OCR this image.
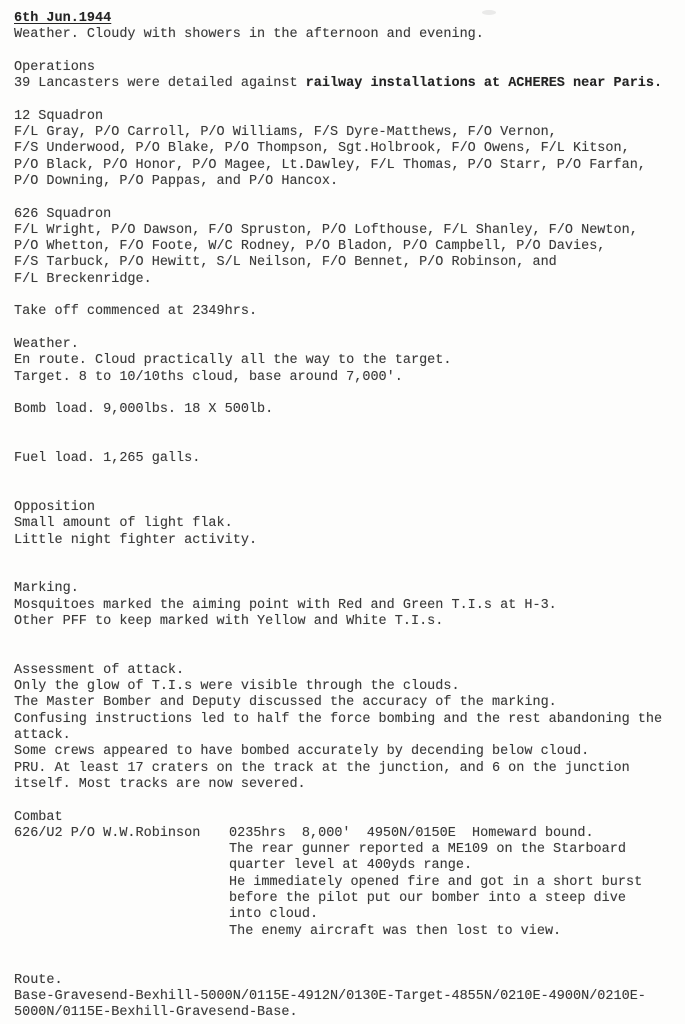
6th Jun.1944
Weather. Cloudy with showers in the afternoon and evening.
Operations
39 Lancasters were detailed against railway installations at ACHERES near Paris.
12 Squadron
F/L Gray, P/O Carroll, P/O Williams, F/S Dyre-Matthews, F/O Vernon,
F/S Underwood, P/O Blake, P/O Thompson, Sgt.Holbrook, F/O Owens, F/L Kitson,
P/O Black, P/O Honor, P/O Magee, Lt.Dawley, F/L Thomas, P/O Starr, P/O Farfan,
P/O Downing, P/O Pappas, and P/O Hancox.
626 Squadron
F/L Wright, P/O Dawson, F/O Spruston, P/O Lofthouse, F/L Shanley, F/O Newton,
P/O Whetton, F/O Foote, W/C Rodney, P/O Bladon, P/O Campbell, P/O Davies,
F/S Tarbuck, P/O Hewitt, S/L Neilson, F/O Bennet, P/O Robinson, and
F/L Breckenridge.
Take off commenced at 2349hrs.
Weather.
En route. Cloud practically all the way to the target.
Target. 8 to 10/10ths cloud, base around 7,000'.
Bomb load. 9,000lbs. 18 X 500lb.
Fuel load. 1,265 galls.
Opposition
Small amount of light flak.
Little night fighter activity.
Marking.
Mosquitoes marked the aiming point with Red and Green T.I.s at H-3.
Other PFF to keep marked with Yellow and White T.I.s.
Assessment of attack.
Only the glow of T.I.s were visible through the clouds.
The Master Bomber and Deputy discussed the accuracy of the marking.
Confusing instructions led to half the force bombing and the rest abandoning the
attack.
Some crews appeared to have bombed accurately by decending below cloud.
PRU. At least 17 craters on the track at the junction, and 6 on the junction
itself. Most tracks are now severed.
Combat
626/U2 P/O W.W.Robinson	0235hrs  8,000'  4950N/0150E  Homeward bound.
The rear gunner reported a ME109 on the Starboard
quarter level at 400yds range.
He immediately opened fire and got in a short burst
before the pilot put our bomber into a steep dive
into cloud.
The enemy aircraft was then lost to view.
Route.
Base-Gravesend-Bexhill-5000N/0115E-4912N/0130E-Target-4855N/0210E-4900N/0210E-
5000N/0115E-Bexhill-Gravesend-Base.
